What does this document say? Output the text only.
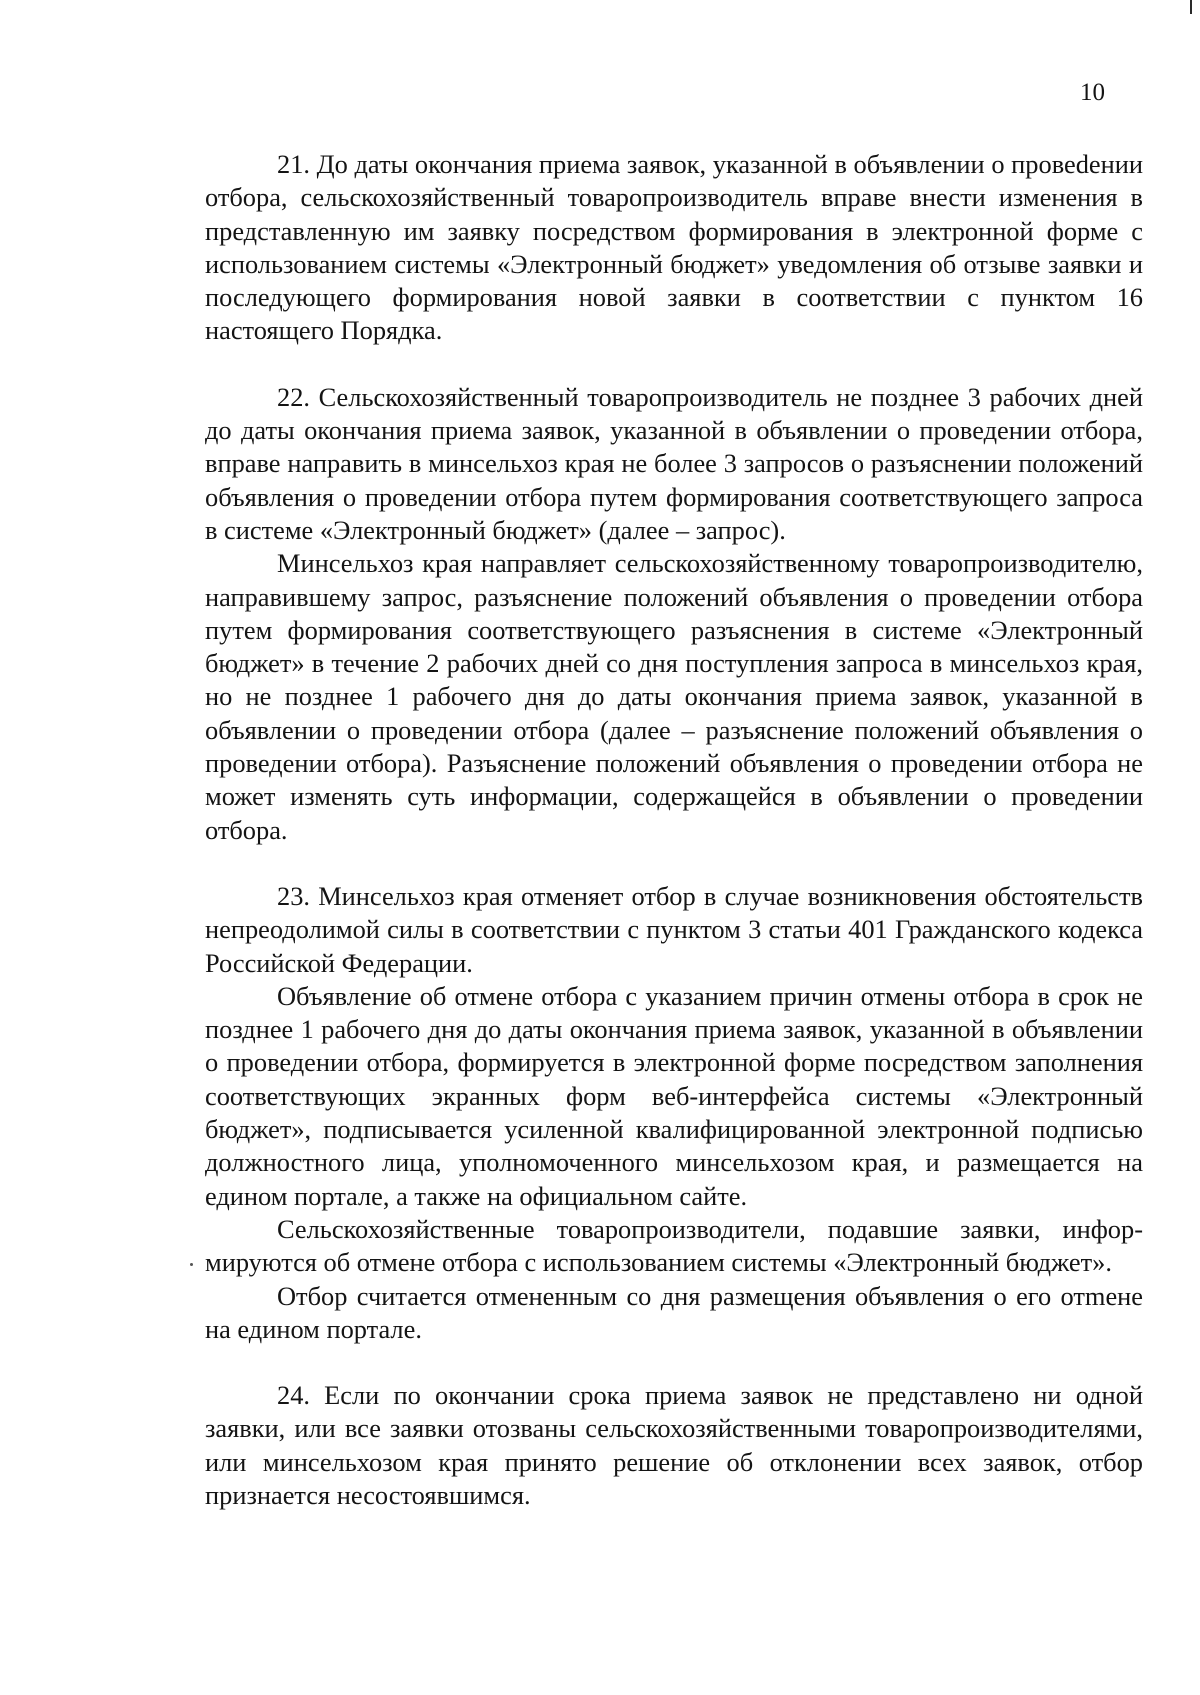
10

21. До даты окончания приема заявок, указанной в объявлении о провеdении отбора, сельскохозяйственный товаропроизводитель вправе внести изменения в представленную им заявку посредством формирования в электронной форме с использованием системы «Электронный бюджет» уведомления об отзыве заявки и последующего формирования новой заявки в соответствии с пунктом 16 настоящего Порядка.

22. Сельскохозяйственный товаропроизводитель не позднее 3 рабочих дней до даты окончания приема заявок, указанной в объявлении о проведении отбора, вправе направить в минсельхоз края не более 3 запросов о разъяснении положений объявления о проведении отбора путем формирования соответствующего запроса в системе «Электронный бюджет» (далее – запрос).

Минсельхоз края направляет сельскохозяйственному товаропроизводителю, направившему запрос, разъяснение положений объявления о проведении отбора путем формирования соответствующего разъяснения в системе «Электронный бюджет» в течение 2 рабочих дней со дня поступления запроса в минсельхоз края, но не позднее 1 рабочего дня до даты окончания приема заявок, указанной в объявлении о проведении отбора (далее – разъяснение положений объявления о проведении отбора). Разъяснение положений объявления о проведении отбора не может изменять суть информации, содержащейся в объявлении о проведении отбора.

23. Минсельхоз края отменяет отбор в случае возникновения обстоятельств непреодолимой силы в соответствии с пунктом 3 статьи 401 Гражданского кодекса Российской Федерации.

Объявление об отмене отбора с указанием причин отмены отбора в срок не позднее 1 рабочего дня до даты окончания приема заявок, указанной в объявлении о проведении отбора, формируется в электронной форме посредством заполнения соответствующих экранных форм веб-интерфейса системы «Электронный бюджет», подписывается усиленной квалифицированной электронной подписью должностного лица, уполномоченного минсельхозом края, и размещается на едином портале, а также на официальном сайте.

Сельскохозяйственные товаропроизводители, подавшие заявки, информируются об отмене отбора с использованием системы «Электронный бюджет».

Отбор считается отмененным со дня размещения объявления о его отmене на едином портале.

24. Если по окончании срока приема заявок не представлено ни одной заявки, или все заявки отозваны сельскохозяйственными товаропроизводителями, или минсельхозом края принято решение об отклонении всех заявок, отбор признается несостоявшимся.
